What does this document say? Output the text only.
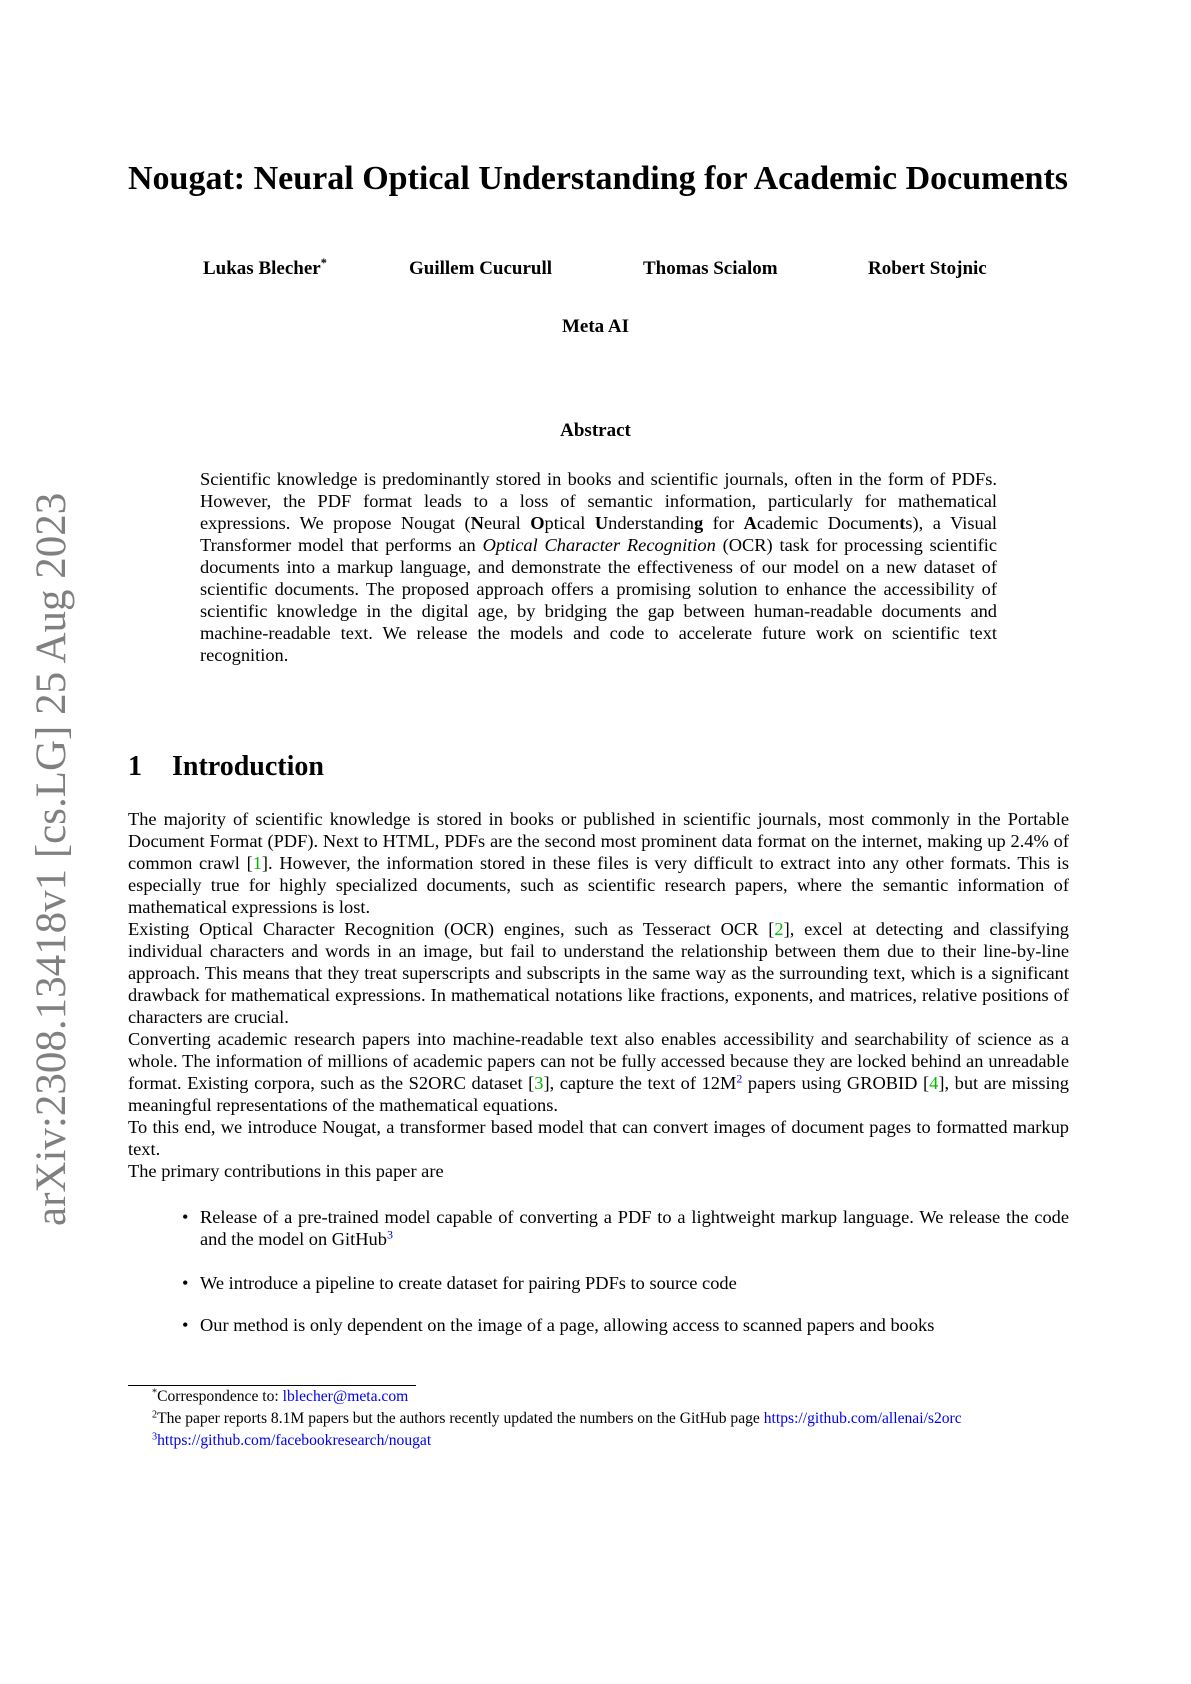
arXiv:2308.13418v1 [cs.LG] 25 Aug 2023
Nougat: Neural Optical Understanding for Academic Documents
Lukas Blecher*	Guillem Cucurull	Thomas Scialom	Robert Stojnic
Meta AI
Abstract
Scientific knowledge is predominantly stored in books and scientific journals, often in the form of PDFs. However, the PDF format leads to a loss of semantic information, particularly for mathematical expressions. We propose Nougat (Neural Optical Understanding for Academic Documents), a Visual Transformer model that performs an Optical Character Recognition (OCR) task for processing scientific documents into a markup language, and demonstrate the effectiveness of our model on a new dataset of scientific documents. The proposed approach offers a promising solution to enhance the accessibility of scientific knowledge in the digital age, by bridging the gap between human-readable documents and machine-readable text. We release the models and code to accelerate future work on scientific text recognition.
1 Introduction
The majority of scientific knowledge is stored in books or published in scientific journals, most commonly in the Portable Document Format (PDF). Next to HTML, PDFs are the second most prominent data format on the internet, making up 2.4% of common crawl [1]. However, the information stored in these files is very difficult to extract into any other formats. This is especially true for highly specialized documents, such as scientific research papers, where the semantic information of mathematical expressions is lost.
Existing Optical Character Recognition (OCR) engines, such as Tesseract OCR [2], excel at detecting and classifying individual characters and words in an image, but fail to understand the relationship between them due to their line-by-line approach. This means that they treat superscripts and subscripts in the same way as the surrounding text, which is a significant drawback for mathematical expressions. In mathematical notations like fractions, exponents, and matrices, relative positions of characters are crucial.
Converting academic research papers into machine-readable text also enables accessibility and searchability of science as a whole. The information of millions of academic papers can not be fully accessed because they are locked behind an unreadable format. Existing corpora, such as the S2ORC dataset [3], capture the text of $12M^2$ papers using GROBID [4], but are missing meaningful representations of the mathematical equations.
To this end, we introduce Nougat, a transformer based model that can convert images of document pages to formatted markup text.
The primary contributions in this paper are
• Release of a pre-trained model capable of converting a PDF to a lightweight markup language. We release the code and the model on GitHub$^3$
• We introduce a pipeline to create dataset for pairing PDFs to source code
• Our method is only dependent on the image of a page, allowing access to scanned papers and books
*Correspondence to: lblecher@meta.com
$^2$The paper reports 8.1M papers but the authors recently updated the numbers on the GitHub page https://github.com/allenai/s2orc
$^3$https://github.com/facebookresearch/nougat
